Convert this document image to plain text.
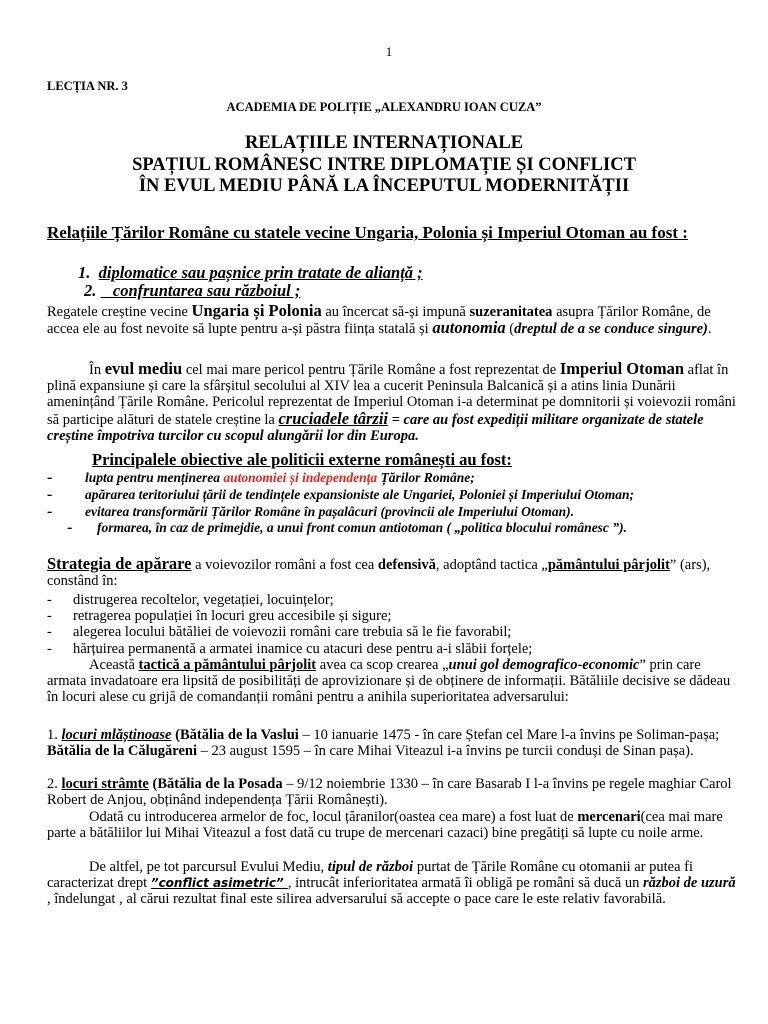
1
LECȚIA NR. 3
ACADEMIA DE POLIȚIE „ALEXANDRU IOAN CUZA”
RELAȚIILE INTERNAȚIONALE
SPAȚIUL ROMÂNESC INTRE DIPLOMAȚIE ȘI CONFLICT
ÎN EVUL MEDIU PÂNĂ LA ÎNCEPUTUL MODERNITĂȚII
Relațiile Țărilor Române cu statele vecine Ungaria, Polonia și Imperiul Otoman au fost :
1. diplomatice sau pașnice prin tratate de alianță ;
2. confruntarea sau războiul ;
Regatele creștine vecine Ungaria și Polonia au încercat să-și impună suzeranitatea asupra Țărilor Române, de accea ele au fost nevoite să lupte pentru a-și păstra ființa statală și autonomia (dreptul de a se conduce singure).
În evul mediu cel mai mare pericol pentru Țările Române a fost reprezentat de Imperiul Otoman aflat în plină expansiune și care la sfârșitul secolului al XIV lea a cucerit Peninsula Balcanică și a atins linia Dunării amenințând Țările Române. Pericolul reprezentat de Imperiul Otoman i-a determinat pe domnitorii și voievozii români să participe alături de statele creștine la cruciadele târzii = care au fost expediții militare organizate de statele creștine împotriva turcilor cu scopul alungării lor din Europa.
Principalele obiective ale politicii externe românești au fost:
-	lupta pentru menținerea autonomiei și independența Țărilor Române;
-	apărarea teritoriului țării de tendințele expansioniste ale Ungariei, Poloniei și Imperiului Otoman;
-	evitarea transformării Țărilor Române în pașalâcuri (provincii ale Imperiului Otoman).
-	formarea, în caz de primejdie, a unui front comun antiotoman ( „politica blocului românesc ”).
Strategia de apărare a voievozilor români a fost cea defensivă, adoptând tactica „pământului pârjolit” (ars), constând în:
-	distrugerea recoltelor, vegetației, locuințelor;
-	retragerea populației în locuri greu accesibile și sigure;
-	alegerea locului bătăliei de voievozii români care trebuia să le fie favorabil;
-	hărțuirea permanentă a armatei inamice cu atacuri dese pentru a-i slăbii forțele;
Această tactică a pământului pârjolit avea ca scop crearea „unui gol demografico-economic” prin care armata invadatoare era lipsită de posibilități de aprovizionare și de obținere de informații. Bătăliile decisive se dădeau în locuri alese cu grijă de comandanții români pentru a anihila superioritatea adversarului:
1. locuri mlăștinoase (Bătălia de la Vaslui – 10 ianuarie 1475 - în care Ștefan cel Mare l-a învins pe Soliman-pașa; Bătălia de la Călugăreni – 23 august 1595 – în care Mihai Viteazul i-a învins pe turcii conduși de Sinan pașa).
2. locuri strâmte (Bătălia de la Posada – 9/12 noiembrie 1330 – în care Basarab I l-a învins pe regele maghiar Carol Robert de Anjou, obținând independența Țării Românești).
Odată cu introducerea armelor de foc, locul țăranilor(oastea cea mare) a fost luat de mercenari(cea mai mare parte a bătăliilor lui Mihai Viteazul a fost dată cu trupe de mercenari cazaci) bine pregătiți să lupte cu noile arme.
De altfel, pe tot parcursul Evului Mediu, tipul de război purtat de Țările Române cu otomanii ar putea fi caracterizat drept ”conflict asimetric” , intrucât inferioritatea armată îi obligă pe români să ducă un război de uzură , îndelungat , al cărui rezultat final este silirea adversarului să accepte o pace care le este relativ favorabilă.
